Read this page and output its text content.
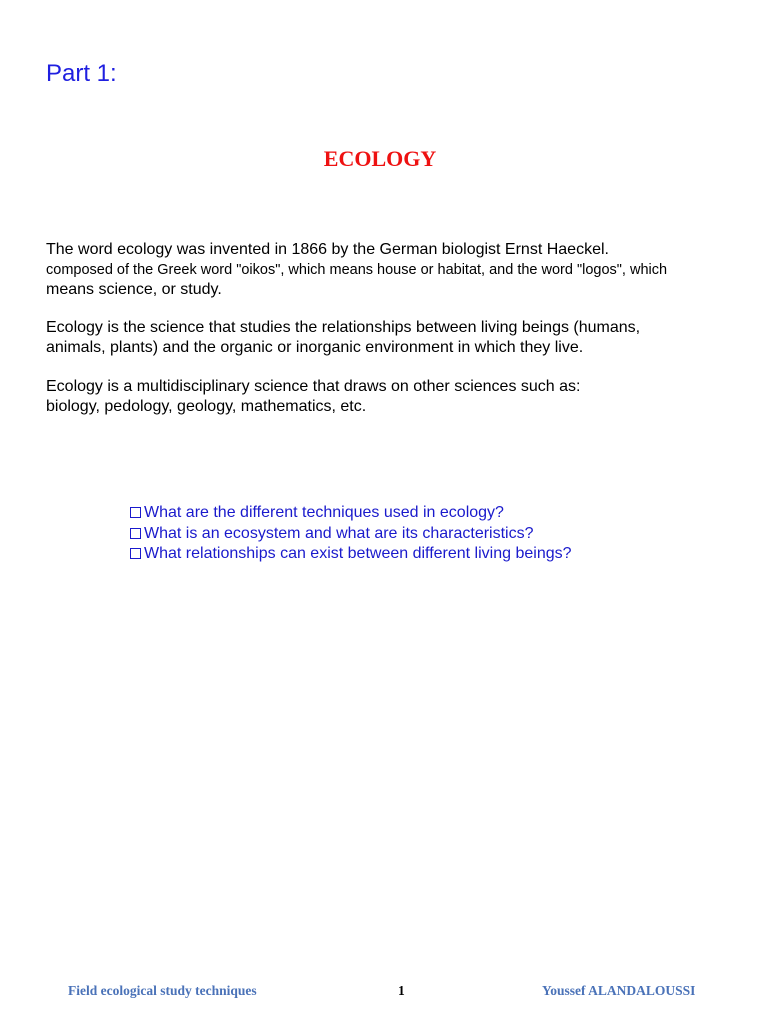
Part 1:
ECOLOGY
The word ecology was invented in 1866 by the German biologist Ernst Haeckel.
composed of the Greek word "oikos", which means house or habitat, and the word "logos", which
means science, or study.
Ecology is the science that studies the relationships between living beings (humans,
animals, plants) and the organic or inorganic environment in which they live.
Ecology is a multidisciplinary science that draws on other sciences such as:
biology, pedology, geology, mathematics, etc.
What are the different techniques used in ecology?
What is an ecosystem and what are its characteristics?
What relationships can exist between different living beings?
Field ecological study techniques	1	Youssef ALANDALOUSSI
